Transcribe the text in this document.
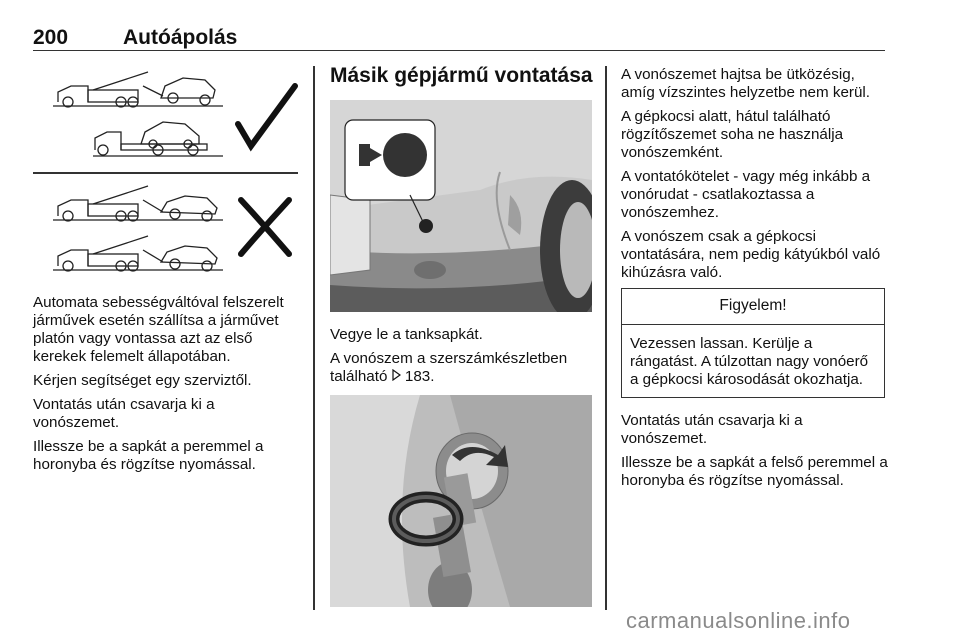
200	Autóápolás

Automata sebességváltóval felszerelt járművek esetén szállítsa a járművet platón vagy vontassa azt az első kerekek felemelt állapotában.

Kérjen segítséget egy szerviztől.

Vontatás után csavarja ki a vonószemet.

Illessze be a sapkát a peremmel a horonyba és rögzítse nyomással.

Másik gépjármű vontatása

Vegye le a tanksapkát.

A vonószem a szerszámkészletben található 183.

A vonószemet hajtsa be ütközésig, amíg vízszintes helyzetbe nem kerül.

A gépkocsi alatt, hátul található rögzítőszemet soha ne használja vonószemként.

A vontatókötelet - vagy még inkább a vonórudat - csatlakoztassa a vonószemhez.

A vonószem csak a gépkocsi vontatására, nem pedig kátyúkból való kihúzásra való.

Figyelem!
Vezessen lassan. Kerülje a rángatást. A túlzottan nagy vonóerő a gépkocsi károsodását okozhatja.

Vontatás után csavarja ki a vonószemet.

Illessze be a sapkát a felső peremmel a horonyba és rögzítse nyomással.

carmanualsonline.info
